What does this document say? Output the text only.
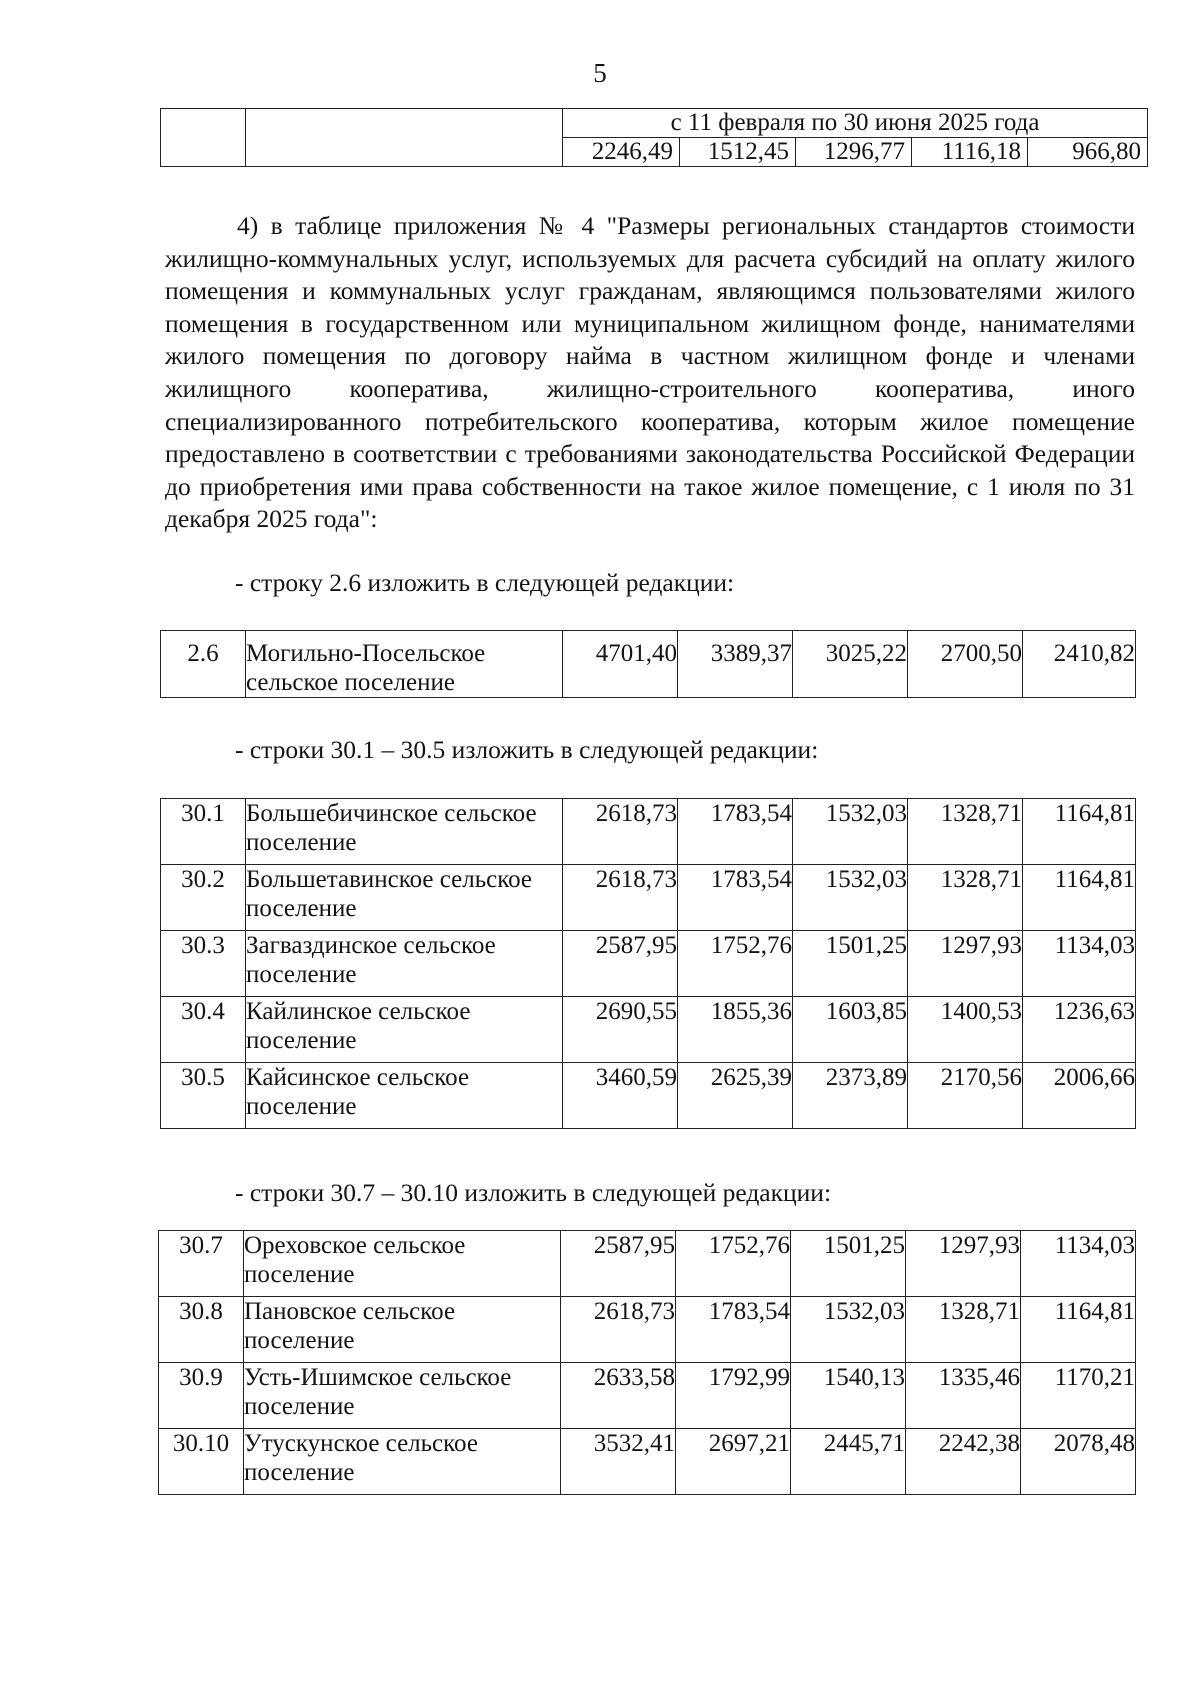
5
		с 11 февраля по 30 июня 2025 года				
		2246,49	1512,45	1296,77	1116,18	966,80

4) в таблице приложения № 4 "Размеры региональных стандартов стоимости жилищно-коммунальных услуг, используемых для расчета субсидий на оплату жилого помещения и коммунальных услуг гражданам, являющимся пользователями жилого помещения в государственном или муниципальном жилищном фонде, нанимателями жилого помещения по договору найма в частном жилищном фонде и членами жилищного кооператива, жилищно-строительного кооператива, иного специализированного потребительского кооператива, которым жилое помещение предоставлено в соответствии с требованиями законодательства Российской Федерации до приобретения ими права собственности на такое жилое помещение, с 1 июля по 31 декабря 2025 года":

- строку 2.6 изложить в следующей редакции:
2.6	Могильно-Посельское сельское поселение	4701,40	3389,37	3025,22	2700,50	2410,82
- строки 30.1 – 30.5 изложить в следующей редакции:
30.1	Большебичинское сельское поселение	2618,73	1783,54	1532,03	1328,71	1164,81
30.2	Большетавинское сельское поселение	2618,73	1783,54	1532,03	1328,71	1164,81
30.3	Загваздинское сельское поселение	2587,95	1752,76	1501,25	1297,93	1134,03
30.4	Кайлинское сельское поселение	2690,55	1855,36	1603,85	1400,53	1236,63
30.5	Кайсинское сельское поселение	3460,59	2625,39	2373,89	2170,56	2006,66
- строки 30.7 – 30.10 изложить в следующей редакции:
30.7	Ореховское сельское поселение	2587,95	1752,76	1501,25	1297,93	1134,03
30.8	Пановское сельское поселение	2618,73	1783,54	1532,03	1328,71	1164,81
30.9	Усть-Ишимское сельское поселение	2633,58	1792,99	1540,13	1335,46	1170,21
30.10	Утускунское сельское поселение	3532,41	2697,21	2445,71	2242,38	2078,48
